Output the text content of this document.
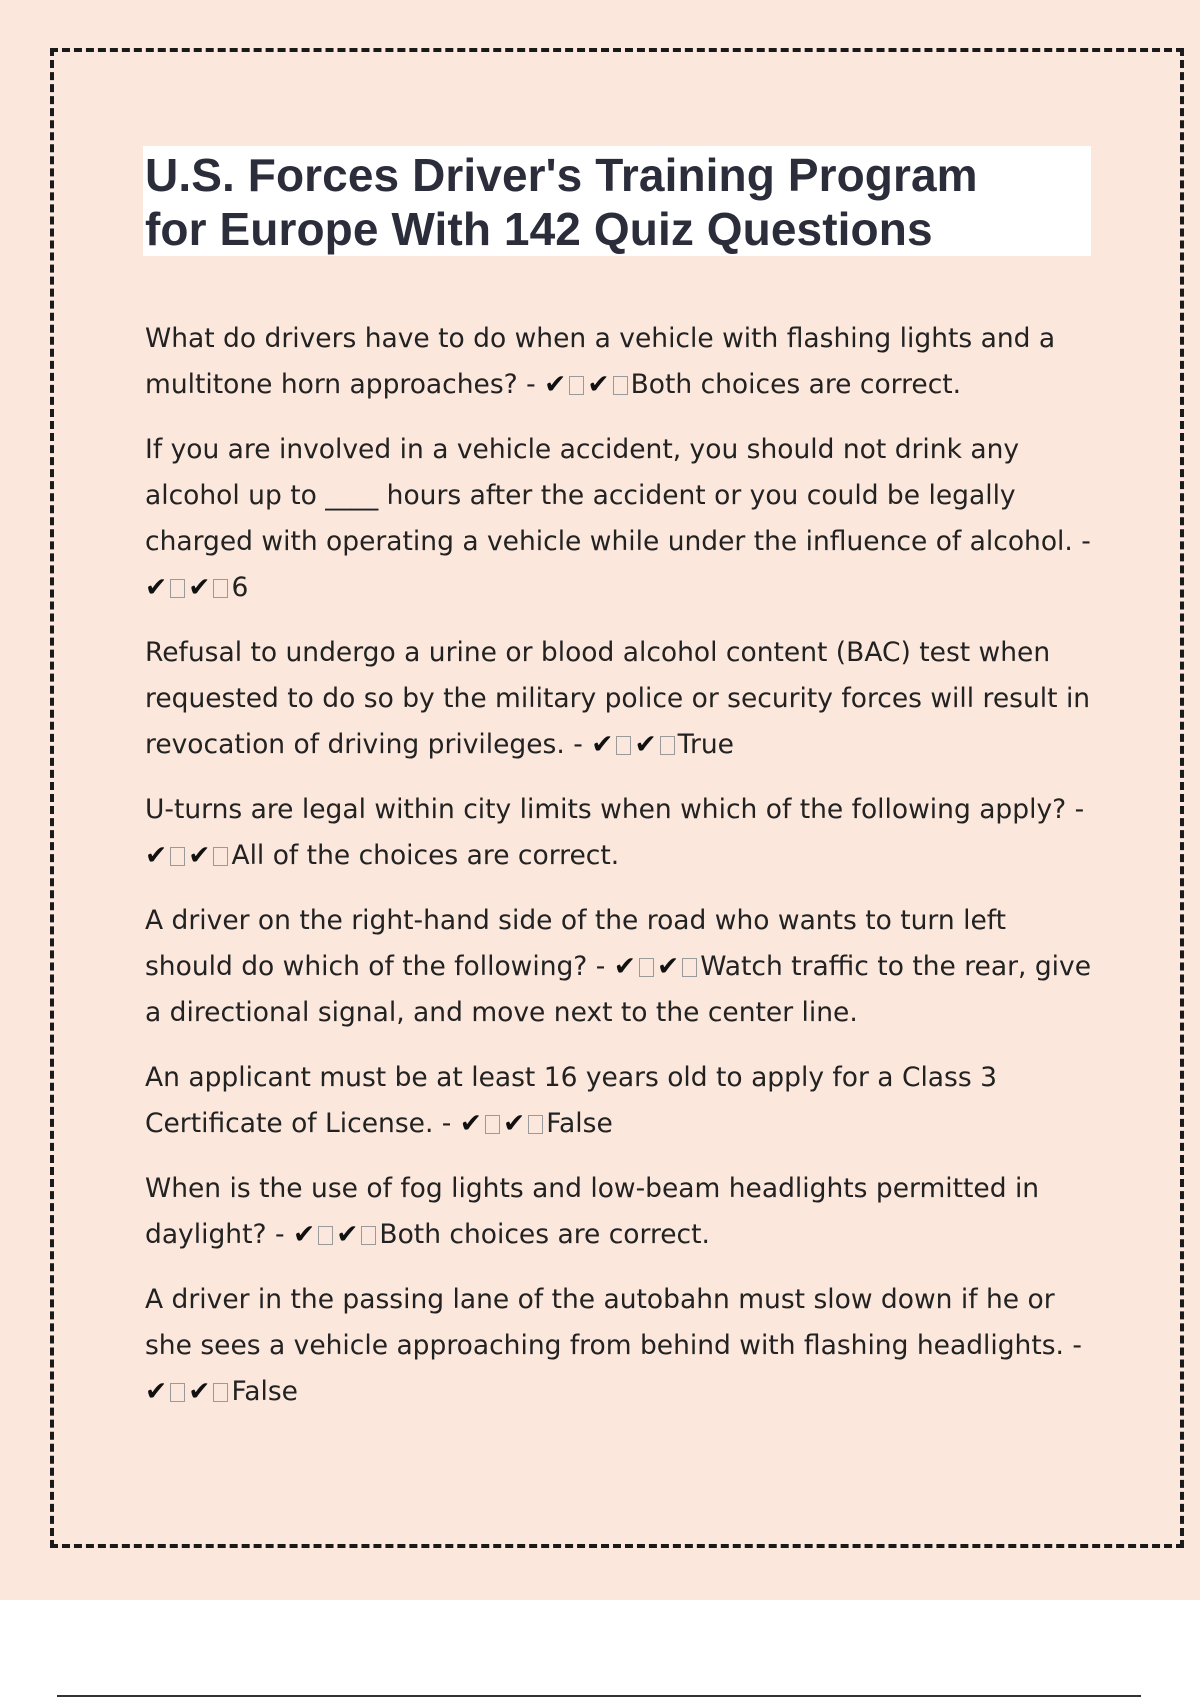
U.S. Forces Driver's Training Program
for Europe With 142 Quiz Questions

What do drivers have to do when a vehicle with flashing lights and a multitone horn approaches? - ✔ ✔ Both choices are correct.

If you are involved in a vehicle accident, you should not drink any alcohol up to ____ hours after the accident or you could be legally charged with operating a vehicle while under the influence of alcohol. - ✔ ✔ 6

Refusal to undergo a urine or blood alcohol content (BAC) test when requested to do so by the military police or security forces will result in revocation of driving privileges. - ✔ ✔ True

U-turns are legal within city limits when which of the following apply? - ✔ ✔ All of the choices are correct.

A driver on the right-hand side of the road who wants to turn left should do which of the following? - ✔ ✔ Watch traffic to the rear, give a directional signal, and move next to the center line.

An applicant must be at least 16 years old to apply for a Class 3 Certificate of License. - ✔ ✔ False

When is the use of fog lights and low-beam headlights permitted in daylight? - ✔ ✔ Both choices are correct.

A driver in the passing lane of the autobahn must slow down if he or she sees a vehicle approaching from behind with flashing headlights. - ✔ ✔ False
